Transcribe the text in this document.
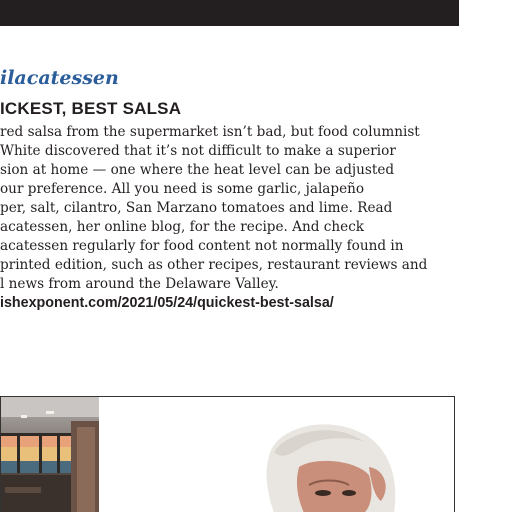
ilacatessen
ICKEST, BEST SALSA
red salsa from the supermarket isn’t bad, but food columnist
White discovered that it’s not difficult to make a superior
sion at home — one where the heat level can be adjusted
our preference. All you need is some garlic, jalapeño
per, salt, cilantro, San Marzano tomatoes and lime. Read
acatessen, her online blog, for the recipe. And check
acatessen regularly for food content not normally found in
printed edition, such as other recipes, restaurant reviews and
l news from around the Delaware Valley.
ishexponent.com/2021/05/24/quickest-best-salsa/
